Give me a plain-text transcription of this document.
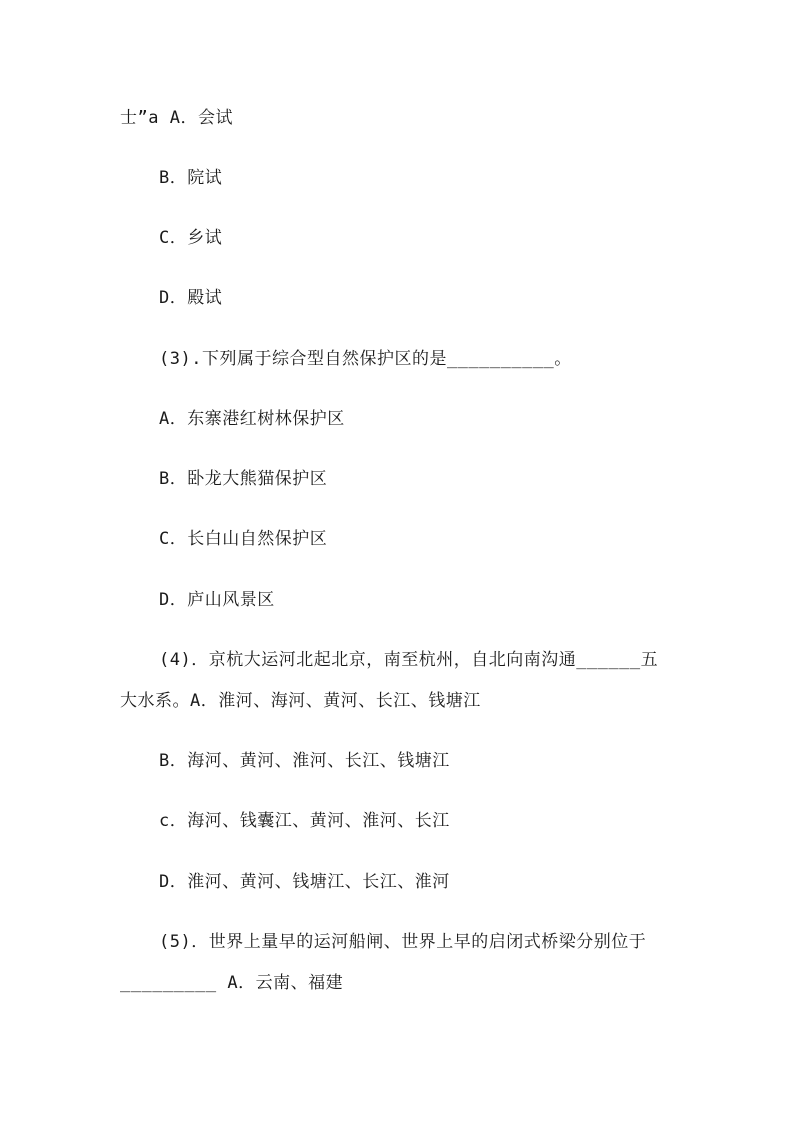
士”a A．会试
B．院试
C．乡试
D．殿试
(3).下列属于综合型自然保护区的是__________。
A．东寨港红树林保护区
B．卧龙大熊猫保护区
C．长白山自然保护区
D．庐山风景区
(4)．京杭大运河北起北京，南至杭州，自北向南沟通______五
大水系。A．淮河、海河、黄河、长江、钱塘江
B．海河、黄河、淮河、长江、钱塘江
c．海河、钱囊江、黄河、淮河、长江
D．淮河、黄河、钱塘江、长江、淮河
(5)．世界上量早的运河船闸、世界上早的启闭式桥梁分别位于
_________ A．云南、福建
